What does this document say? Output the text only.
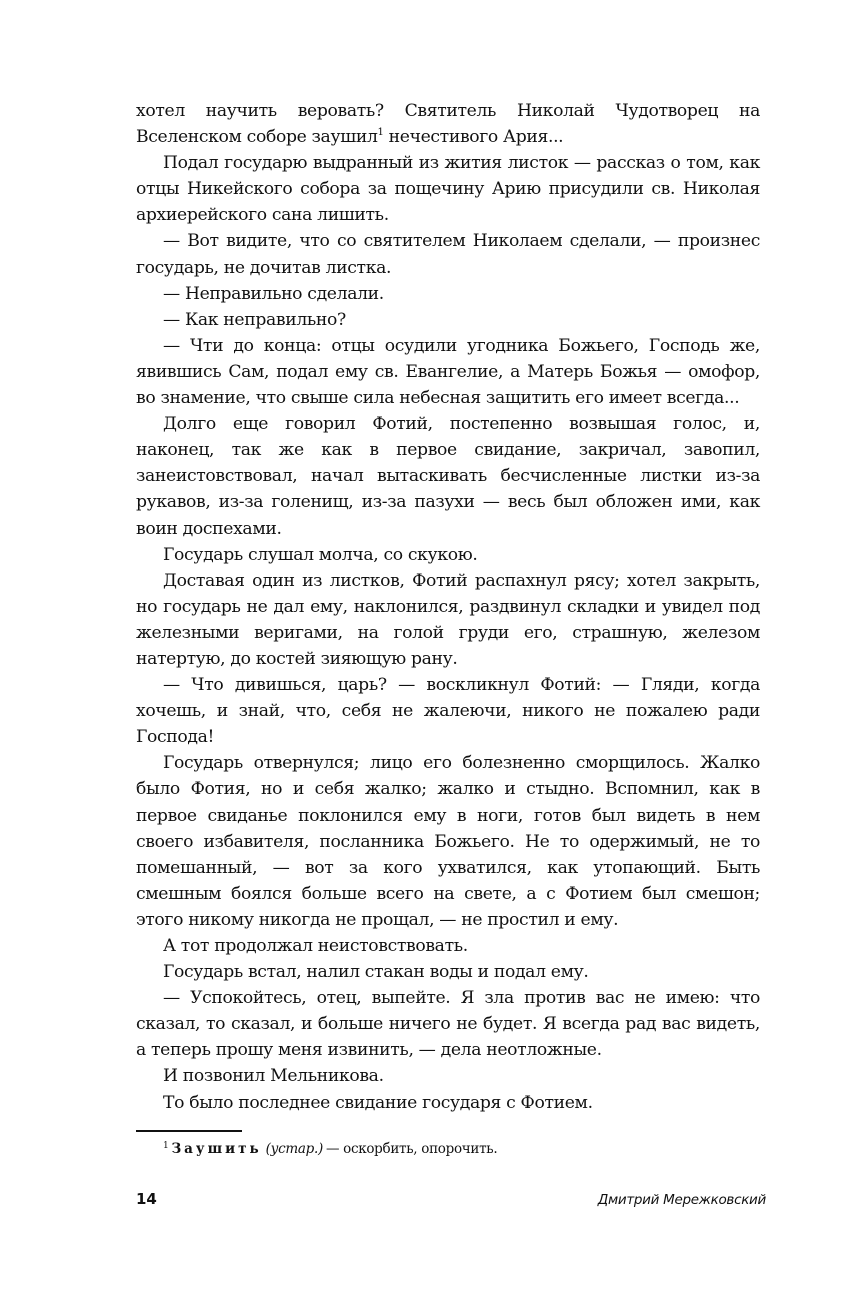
хотел научить веровать? Святитель Николай Чудотворец на Вселенском соборе заушил$^1$ нечестивого Ария...

Подал государю выдранный из жития листок — рассказ о том, как отцы Никейского собора за пощечину Арию присудили св. Николая архиерейского сана лишить.

— Вот видите, что со святителем Николаем сделали, — произнес государь, не дочитав листка.

— Неправильно сделали.

— Как неправильно?

— Чти до конца: отцы осудили угодника Божьего, Господь же, явившись Сам, подал ему св. Евангелие, а Матерь Божья — омофор, во знамение, что свыше сила небесная защитить его имеет всегда...

Долго еще говорил Фотий, постепенно возвышая голос, и, наконец, так же как в первое свидание, закричал, завопил, занеистовствовал, начал вытаскивать бесчисленные листки из-за рукавов, из-за голенищ, из-за пазухи — весь был обложен ими, как воин доспехами.

Государь слушал молча, со скукою.

Доставая один из листков, Фотий распахнул рясу; хотел закрыть, но государь не дал ему, наклонился, раздвинул складки и увидел под железными веригами, на голой груди его, страшную, железом натертую, до костей зияющую рану.

— Что дивишься, царь? — воскликнул Фотий: — Гляди, когда хочешь, и знай, что, себя не жалеючи, никого не пожалею ради Господа!

Государь отвернулся; лицо его болезненно сморщилось. Жалко было Фотия, но и себя жалко; жалко и стыдно. Вспомнил, как в первое свиданье поклонился ему в ноги, готов был видеть в нем своего избавителя, посланника Божьего. Не то одержимый, не то помешанный, — вот за кого ухватился, как утопающий. Быть смешным боялся больше всего на свете, а с Фотием был смешон; этого никому никогда не прощал, — не простил и ему.

А тот продолжал неистовствовать.

Государь встал, налил стакан воды и подал ему.

— Успокойтесь, отец, выпейте. Я зла против вас не имею: что сказал, то сказал, и больше ничего не будет. Я всегда рад вас видеть, а теперь прошу меня извинить, — дела неотложные.

И позвонил Мельникова.

То было последнее свидание государя с Фотием.

$^1$ Заушить (устар.) — оскорбить, опорочить.
14	Дмитрий Мережковский
